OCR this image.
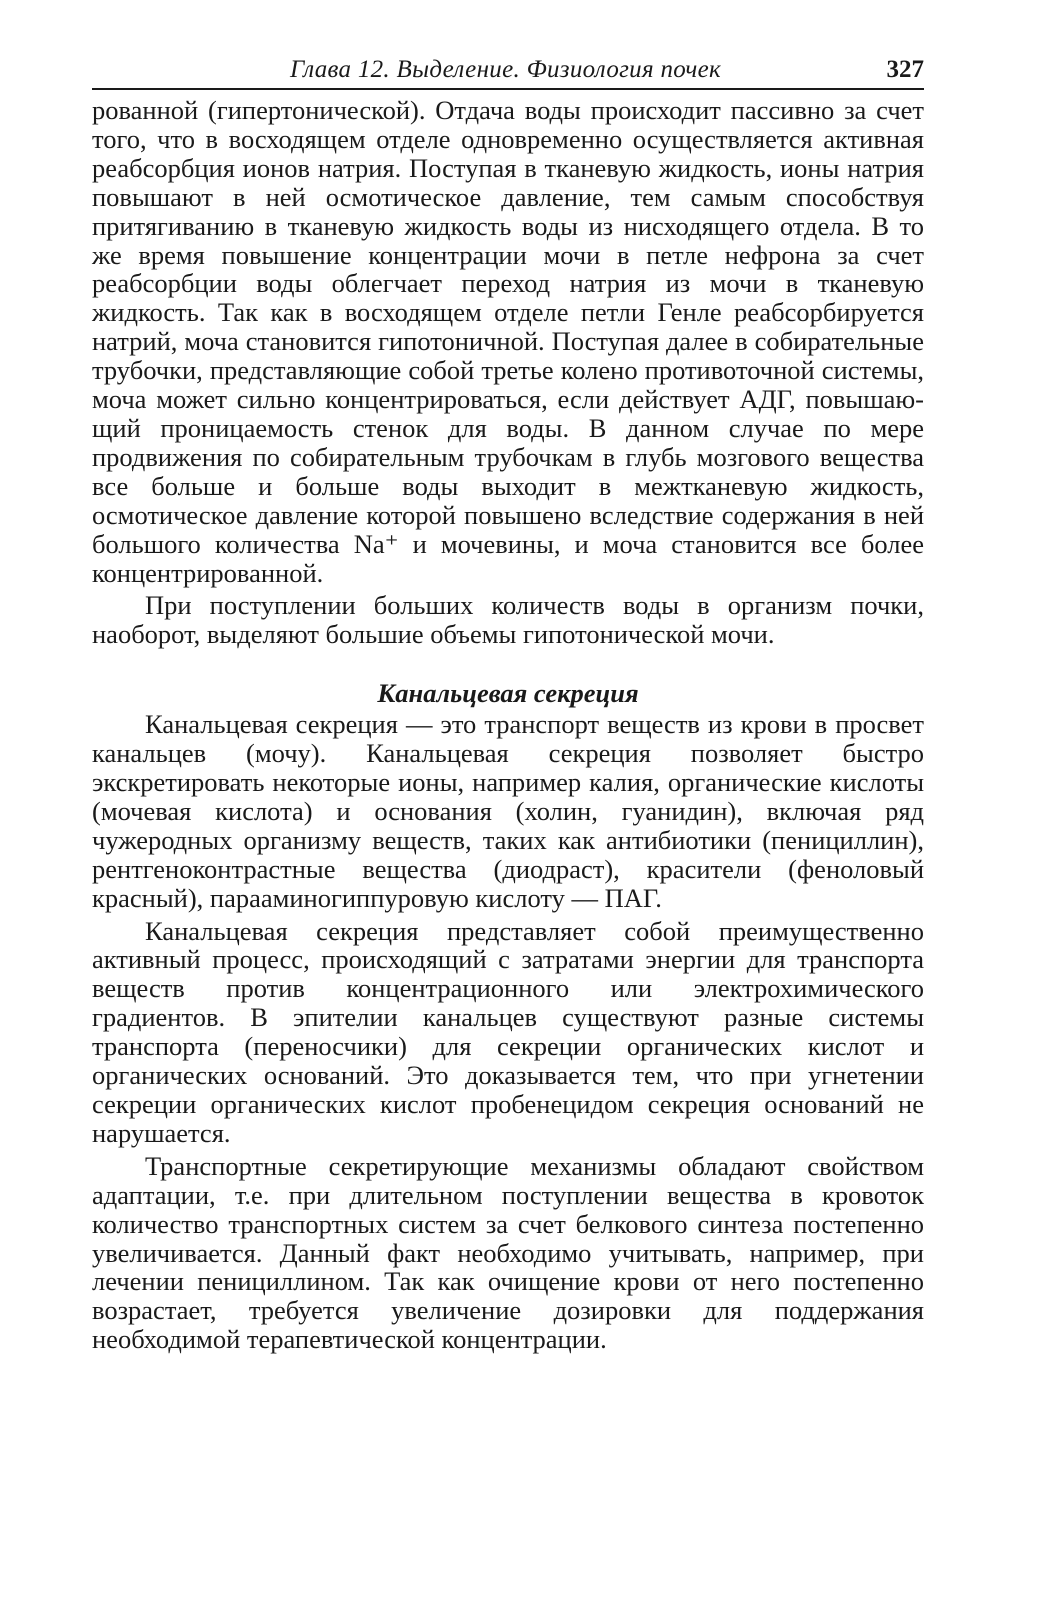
Глава 12. Выделение. Физиология почек	327

рованной (гипертонической). Отдача воды происходит пассивно за счет того, что в восходящем отделе одновременно осуществляется активная реабсорбция ионов натрия. Поступая в тканевую жидкость, ионы натрия повышают в ней осмотическое давление, тем самым способствуя притягиванию в тканевую жидкость воды из нисходящего отдела. В то же время повышение концентрации мочи в петле нефрона за счет реабсорбции воды облегчает переход натрия из мочи в тканевую жидкость. Так как в восходящем отделе петли Генле реабсорбируется натрий, моча становится гипотоничной. Поступая далее в собирательные трубочки, представляющие собой третье колено противоточной системы, моча может сильно концентрироваться, если действует АДГ, повышающий проницаемость стенок для воды. В данном случае по мере продвижения по собирательным трубочкам в глубь мозгового вещества все больше и больше воды выходит в межтканевую жидкость, осмотическое давление которой повышено вследствие содержания в ней большого количества Na⁺ и мочевины, и моча становится все более концентрированной.

При поступлении больших количеств воды в организм почки, наоборот, выделяют большие объемы гипотонической мочи.

Канальцевая секреция

Канальцевая секреция — это транспорт веществ из крови в просвет канальцев (мочу). Канальцевая секреция позволяет быстро экскретировать некоторые ионы, например калия, органические кислоты (мочевая кислота) и основания (холин, гуанидин), включая ряд чужеродных организму веществ, таких как антибиотики (пенициллин), рентгеноконтрастные вещества (диодраст), красители (феноловый красный), парааминогиппуровую кислоту — ПАГ.

Канальцевая секреция представляет собой преимущественно активный процесс, происходящий с затратами энергии для транспорта веществ против концентрационного или электрохимического градиентов. В эпителии канальцев существуют разные системы транспорта (переносчики) для секреции органических кислот и органических оснований. Это доказывается тем, что при угнетении секреции органических кислот пробенецидом секреция оснований не нарушается.

Транспортные секретирующие механизмы обладают свойством адаптации, т.е. при длительном поступлении вещества в кровоток количество транспортных систем за счет белкового синтеза постепенно увеличивается. Данный факт необходимо учитывать, например, при лечении пенициллином. Так как очищение крови от него постепенно возрастает, требуется увеличение дозировки для поддержания необходимой терапевтической концентрации.
